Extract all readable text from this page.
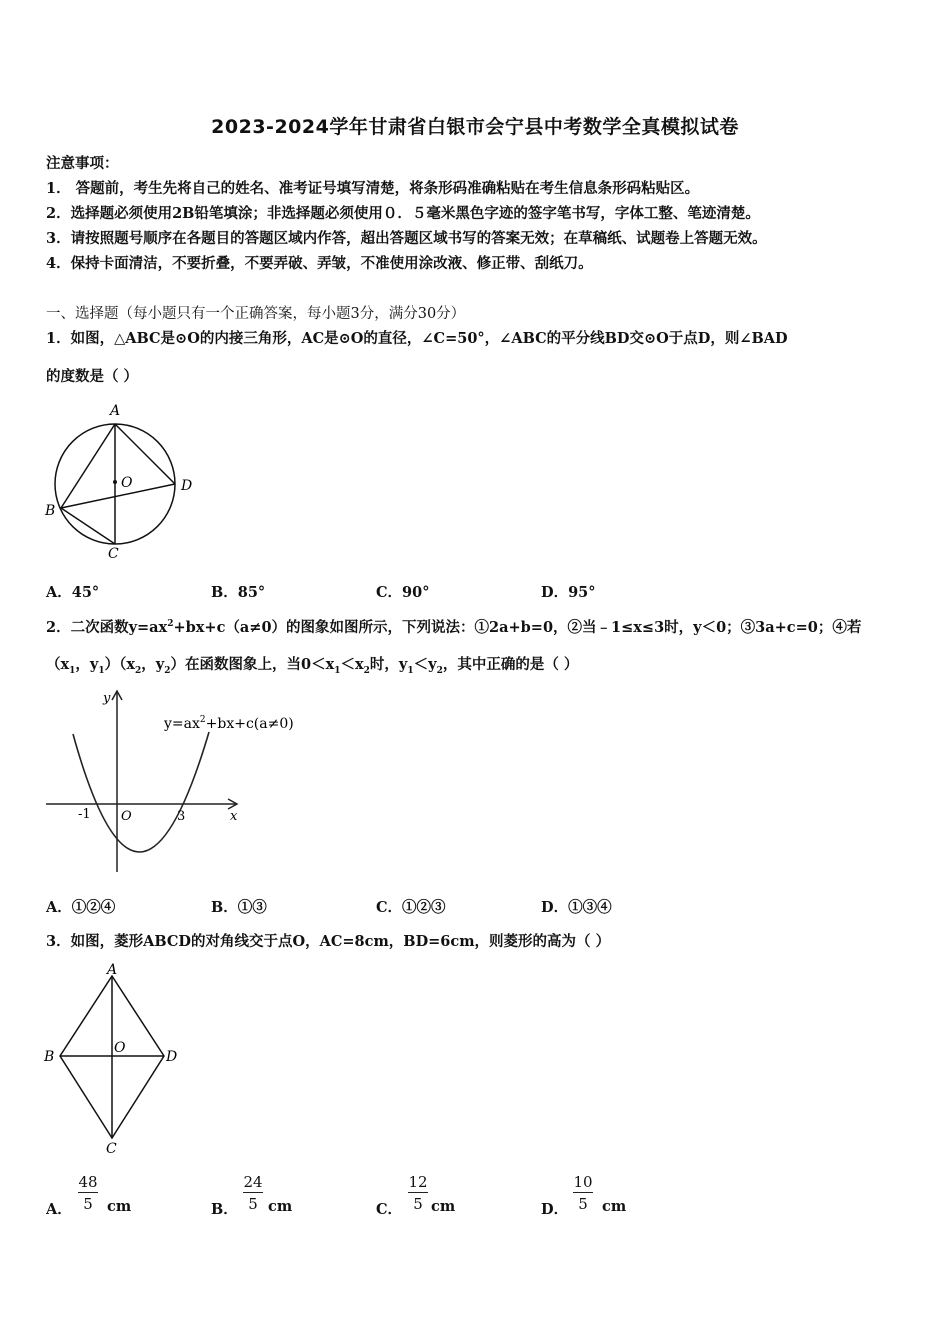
2023-2024学年甘肃省白银市会宁县中考数学全真模拟试卷
注意事项：
1． 答题前，考生先将自己的姓名、准考证号填写清楚，将条形码准确粘贴在考生信息条形码粘贴区。
2．选择题必须使用2B铅笔填涂；非选择题必须使用０．５毫米黑色字迹的签字笔书写，字体工整、笔迹清楚。
3．请按照题号顺序在各题目的答题区域内作答，超出答题区域书写的答案无效；在草稿纸、试题卷上答题无效。
4．保持卡面清洁，不要折叠，不要弄破、弄皱，不准使用涂改液、修正带、刮纸刀。
一、选择题（每小题只有一个正确答案，每小题3分，满分30分）
1．如图，△ABC是⊙O的内接三角形，AC是⊙O的直径，∠C=50°，∠ABC的平分线BD交⊙O于点D，则∠BAD
的度数是（ ）
A
B
C
D
O
A．45°	B．85°	C．90°	D．95°
2．二次函数$y=ax^2+bx+c(a\ne 0)$的图象如图所示，下列说法：①2a+b=0，②当﹣1≤x≤3时，y＜0；③3a+c=0；④若
（$x_1$，$y_1)(x_2$，$y_2$）在函数图象上，当$0<x_1<x_2$时，$y_1<y_2$，其中正确的是（ ）
$y=ax^2+bx+c(a\ne 0)$
y
x
O
-1	3
A．①②④	B．①③	C．①②③	D．①③④
3．如图，菱形ABCD的对角线交于点O，AC=8cm，BD=6cm，则菱形的高为（ ）
A
B
C
D
O
A．
48
5 cm	B．
24
5 cm	C．
12
5 cm	D．
10
5 cm
